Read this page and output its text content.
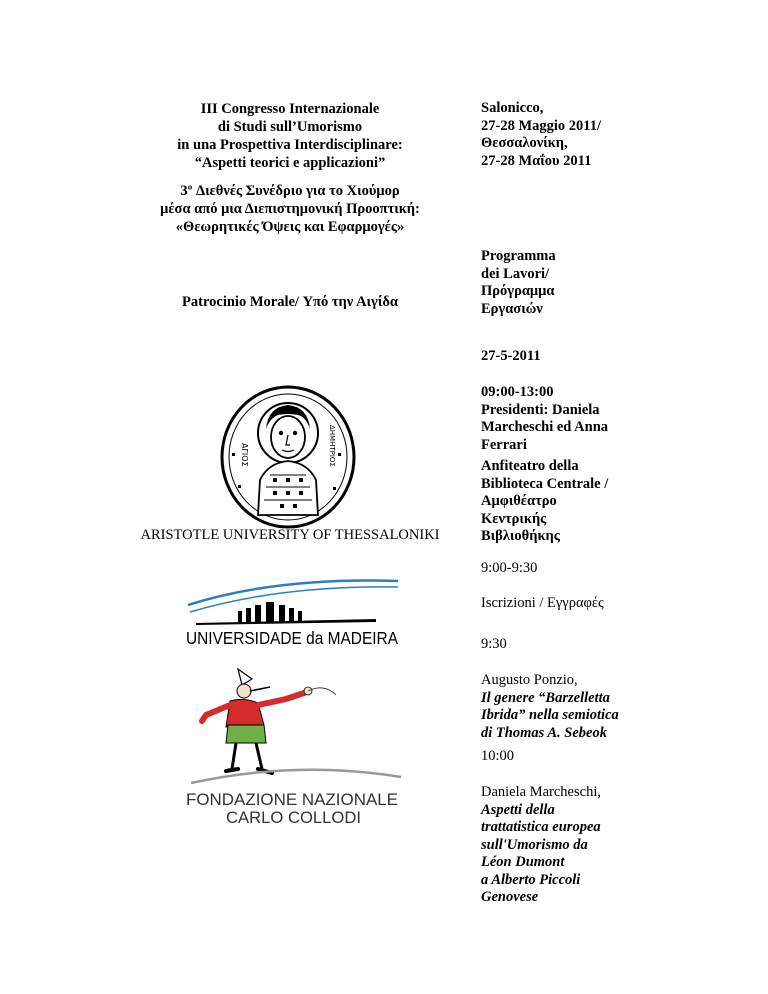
III Congresso Internazionale
di Studi sull’Umorismo
in una Prospettiva Interdisciplinare:
“Aspetti teorici e applicazioni”
3º Διεθνές Συνέδριο για το Χιούμορ
μέσα από μια Διεπιστημονική Προοπτική:
«Θεωρητικές Όψεις και Εφαρμογές»
Patrocinio Morale/ Υπό την Αιγίδα
ΑΓΙΟΣ	ΔΗΜΗΤΡΙΟΣ
ARISTOTLE UNIVERSITY OF THESSALONIKI
UNIVERSIDADE da MADEIRA
FONDAZIONE NAZIONALE
CARLO COLLODI
Salonicco,
27-28 Maggio 2011/
Θεσσαλονίκη,
27-28 Μαΐου 2011
Programma
dei Lavori/
Πρόγραμμα
Εργασιών
27-5-2011
09:00-13:00
Presidenti: Daniela
Marcheschi ed Anna
Ferrari
Anfiteatro della
Biblioteca Centrale /
Αμφιθέατρο
Κεντρικής
Βιβλιοθήκης
9:00-9:30
Iscrizioni / Εγγραφές
9:30
Augusto Ponzio,
Il genere “Barzelletta
Ibrida” nella semiotica
di Thomas A. Sebeok
10:00
Daniela Marcheschi,
Aspetti della
trattatistica europea
sull'Umorismo da
Léon Dumont
a Alberto Piccoli
Genovese
